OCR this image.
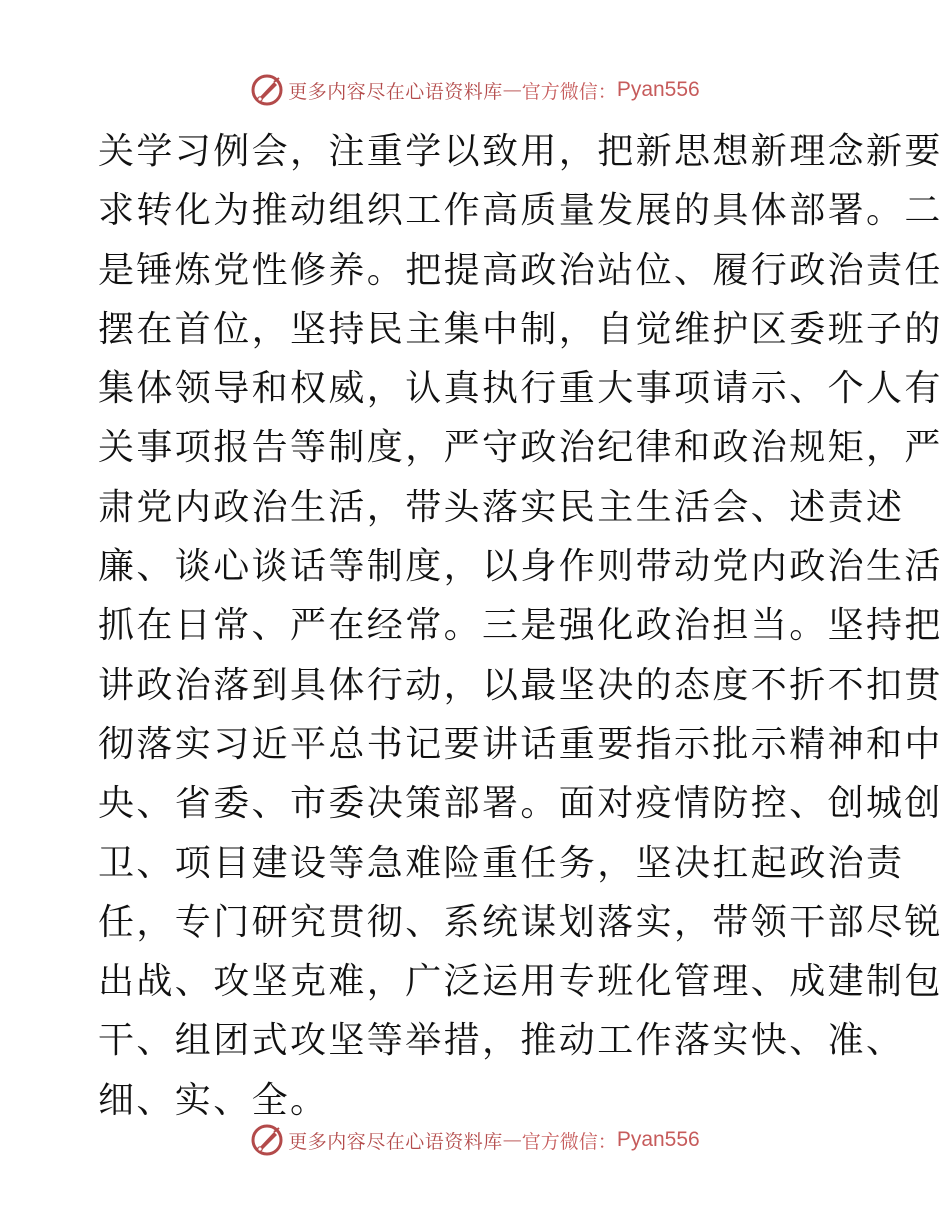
更多内容尽在心语资料库 — 官方微信： Pyan556
关学习例会，注重学以致用，把新思想新理念新要
求转化为推动组织工作高质量发展的具体部署。二
是锤炼党性修养。把提高政治站位、履行政治责任
摆在首位，坚持民主集中制，自觉维护区委班子的
集体领导和权威，认真执行重大事项请示、个人有
关事项报告等制度，严守政治纪律和政治规矩，严
肃党内政治生活，带头落实民主生活会、述责述
廉、谈心谈话等制度，以身作则带动党内政治生活
抓在日常、严在经常。三是强化政治担当。坚持把
讲政治落到具体行动，以最坚决的态度不折不扣贯
彻落实习近平总书记要讲话重要指示批示精神和中
央、省委、市委决策部署。面对疫情防控、创城创
卫、项目建设等急难险重任务，坚决扛起政治责
任，专门研究贯彻、系统谋划落实，带领干部尽锐
出战、攻坚克难，广泛运用专班化管理、成建制包
干、组团式攻坚等举措，推动工作落实快、准、
细、实、全。
更多内容尽在心语资料库 — 官方微信： Pyan556
